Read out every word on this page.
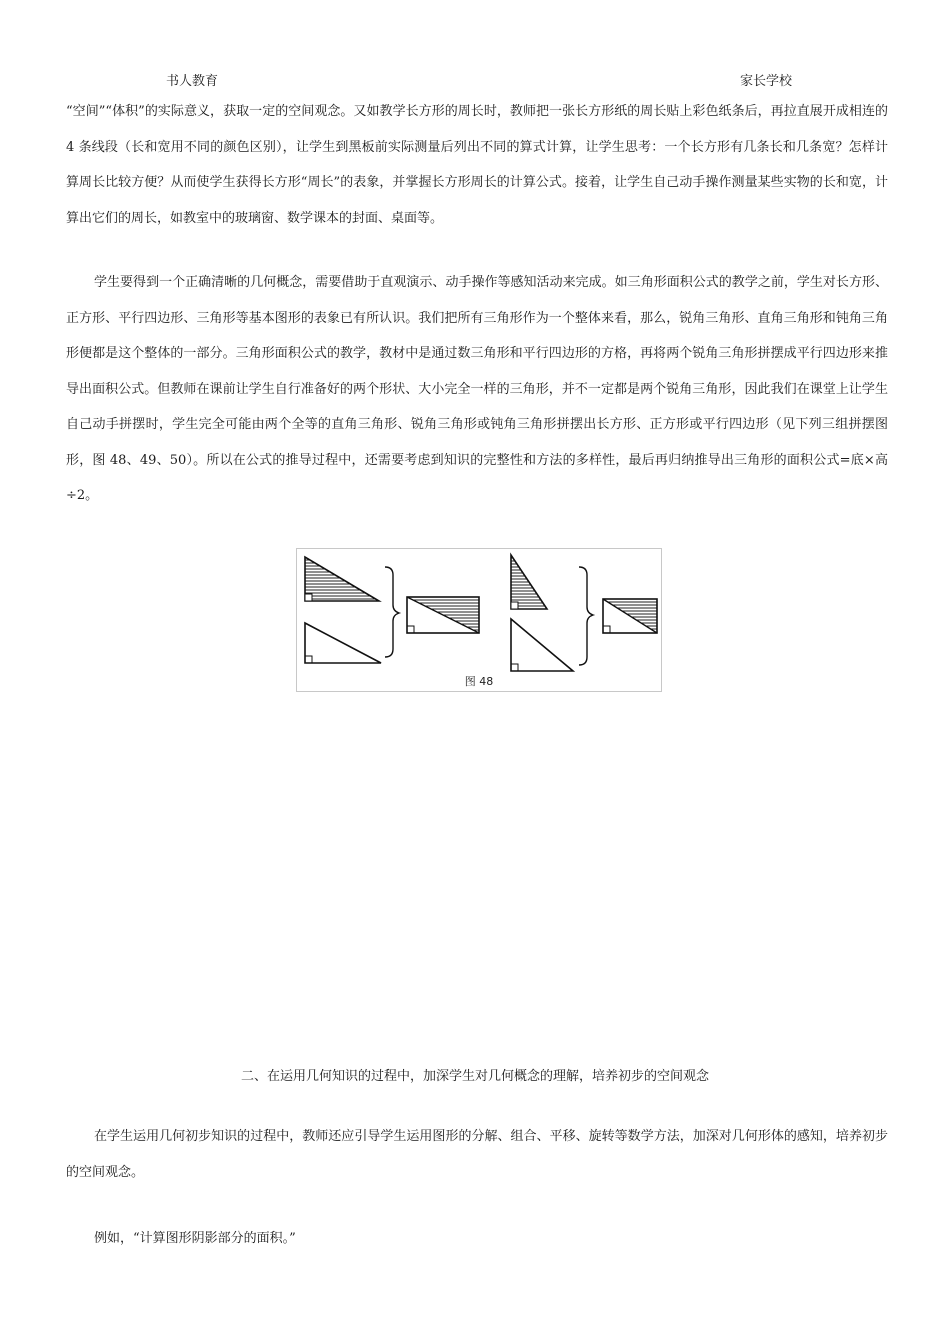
书人教育	家长学校

“空间”“体积”的实际意义，获取一定的空间观念。又如教学长方形的周长时，教师把一张长方形纸的周长贴上彩色纸条后，再拉直展开成相连的 4 条线段（长和宽用不同的颜色区别），让学生到黑板前实际测量后列出不同的算式计算，让学生思考：一个长方形有几条长和几条宽？怎样计算周长比较方便？从而使学生获得长方形“周长”的表象，并掌握长方形周长的计算公式。接着，让学生自己动手操作测量某些实物的长和宽，计算出它们的周长，如教室中的玻璃窗、数学课本的封面、桌面等。

学生要得到一个正确清晰的几何概念，需要借助于直观演示、动手操作等感知活动来完成。如三角形面积公式的教学之前，学生对长方形、正方形、平行四边形、三角形等基本图形的表象已有所认识。我们把所有三角形作为一个整体来看，那么，锐角三角形、直角三角形和钝角三角形便都是这个整体的一部分。三角形面积公式的教学，教材中是通过数三角形和平行四边形的方格，再将两个锐角三角形拼摆成平行四边形来推导出面积公式。但教师在课前让学生自行准备好的两个形状、大小完全一样的三角形，并不一定都是两个锐角三角形，因此我们在课堂上让学生自己动手拼摆时，学生完全可能由两个全等的直角三角形、锐角三角形或钝角三角形拼摆出长方形、正方形或平行四边形（见下列三组拼摆图形，图 48、49、50）。所以在公式的推导过程中，还需要考虑到知识的完整性和方法的多样性，最后再归纳推导出三角形的面积公式=底×高÷2。

图 48

二、在运用几何知识的过程中，加深学生对几何概念的理解，培养初步的空间观念

在学生运用几何初步知识的过程中，教师还应引导学生运用图形的分解、组合、平移、旋转等数学方法，加深对几何形体的感知，培养初步的空间观念。

例如，“计算图形阴影部分的面积。”
